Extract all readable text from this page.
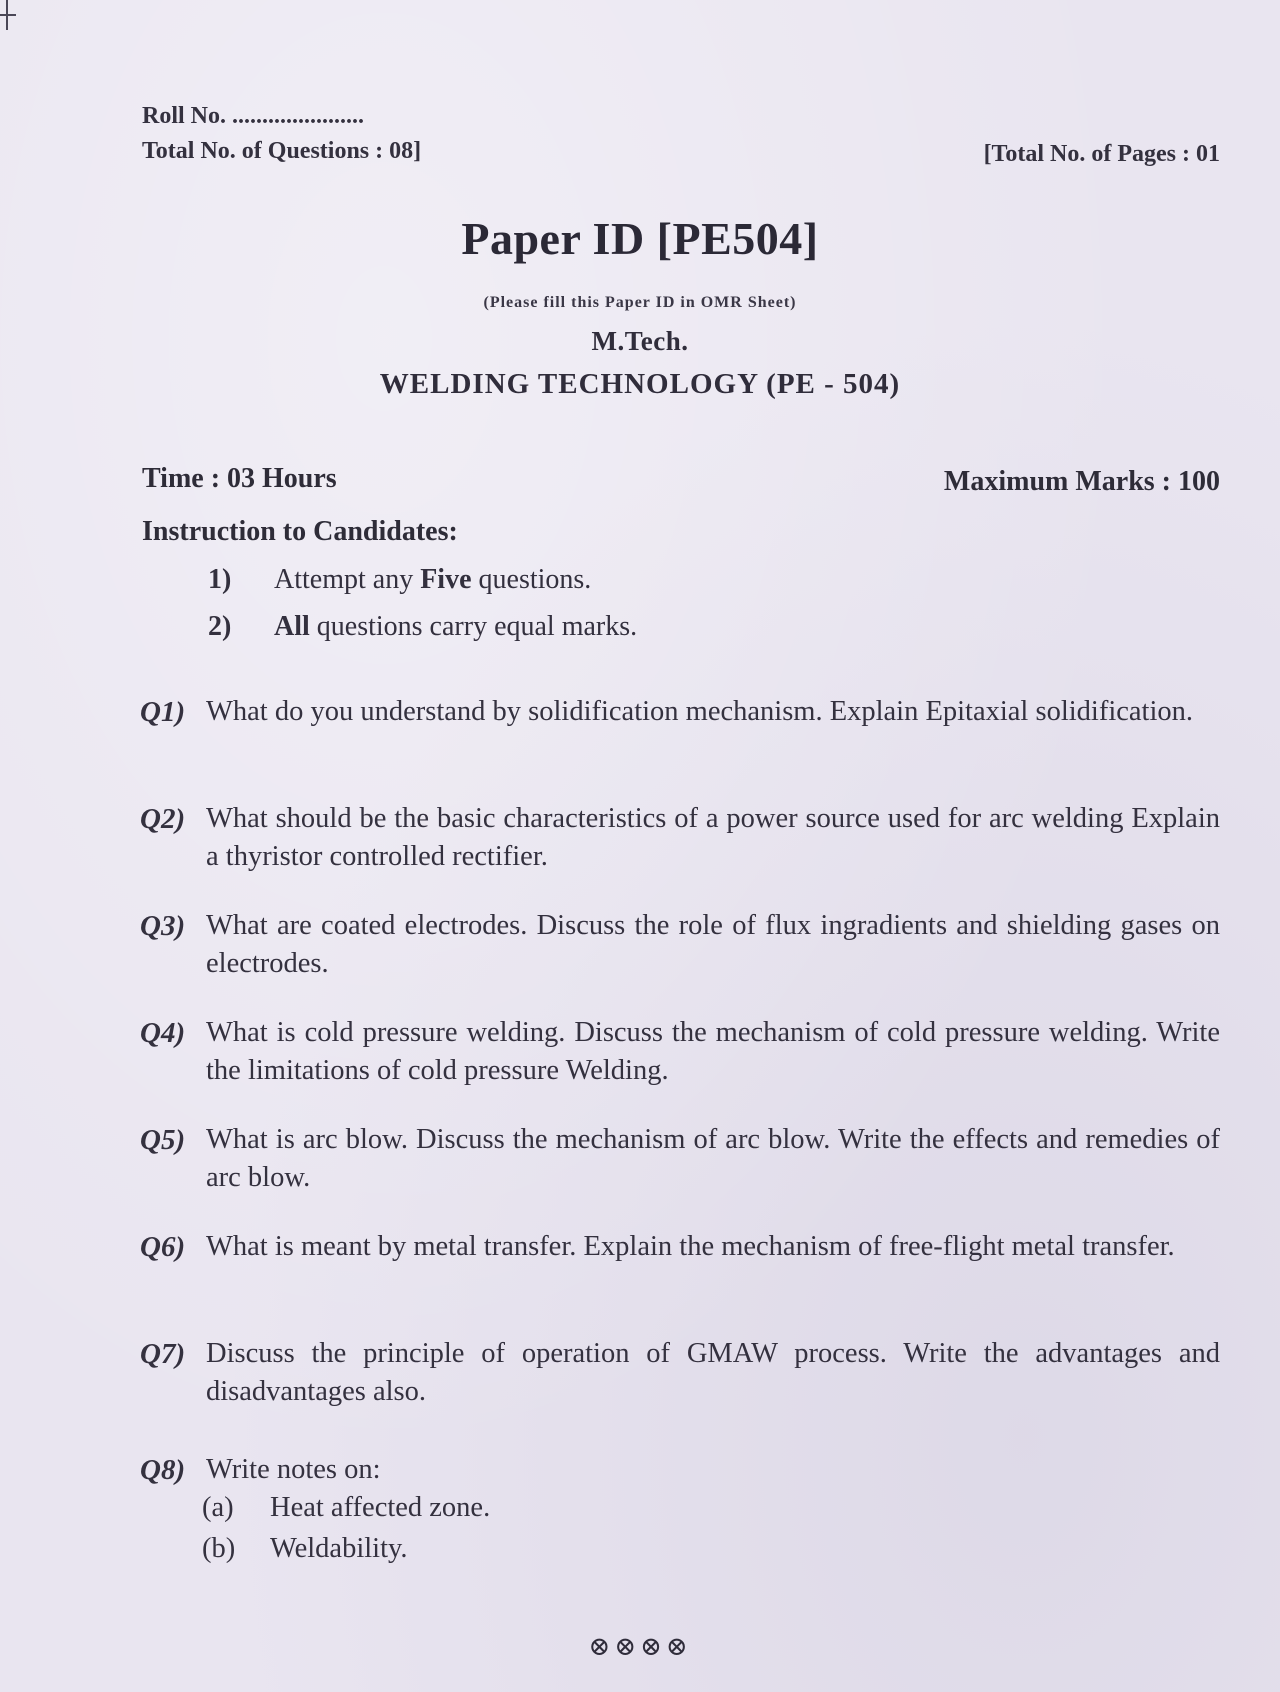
Roll No. ......................
Total No. of Questions : 08]	[Total No. of Pages : 01
Paper ID [PE504]
(Please fill this Paper ID in OMR Sheet)
M.Tech.
WELDING TECHNOLOGY (PE - 504)
Time : 03 Hours	Maximum Marks : 100
Instruction to Candidates:
1) Attempt any Five questions.
2) All questions carry equal marks.
Q1) What do you understand by solidification mechanism. Explain Epitaxial solidification.
Q2) What should be the basic characteristics of a power source used for arc welding Explain a thyristor controlled rectifier.
Q3) What are coated electrodes. Discuss the role of flux ingradients and shielding gases on electrodes.
Q4) What is cold pressure welding. Discuss the mechanism of cold pressure welding. Write the limitations of cold pressure Welding.
Q5) What is arc blow. Discuss the mechanism of arc blow. Write the effects and remedies of arc blow.
Q6) What is meant by metal transfer. Explain the mechanism of free-flight metal transfer.
Q7) Discuss the principle of operation of GMAW process. Write the advantages and disadvantages also.
Q8) Write notes on:
(a) Heat affected zone.
(b) Weldability.
⊗⊗⊗⊗
